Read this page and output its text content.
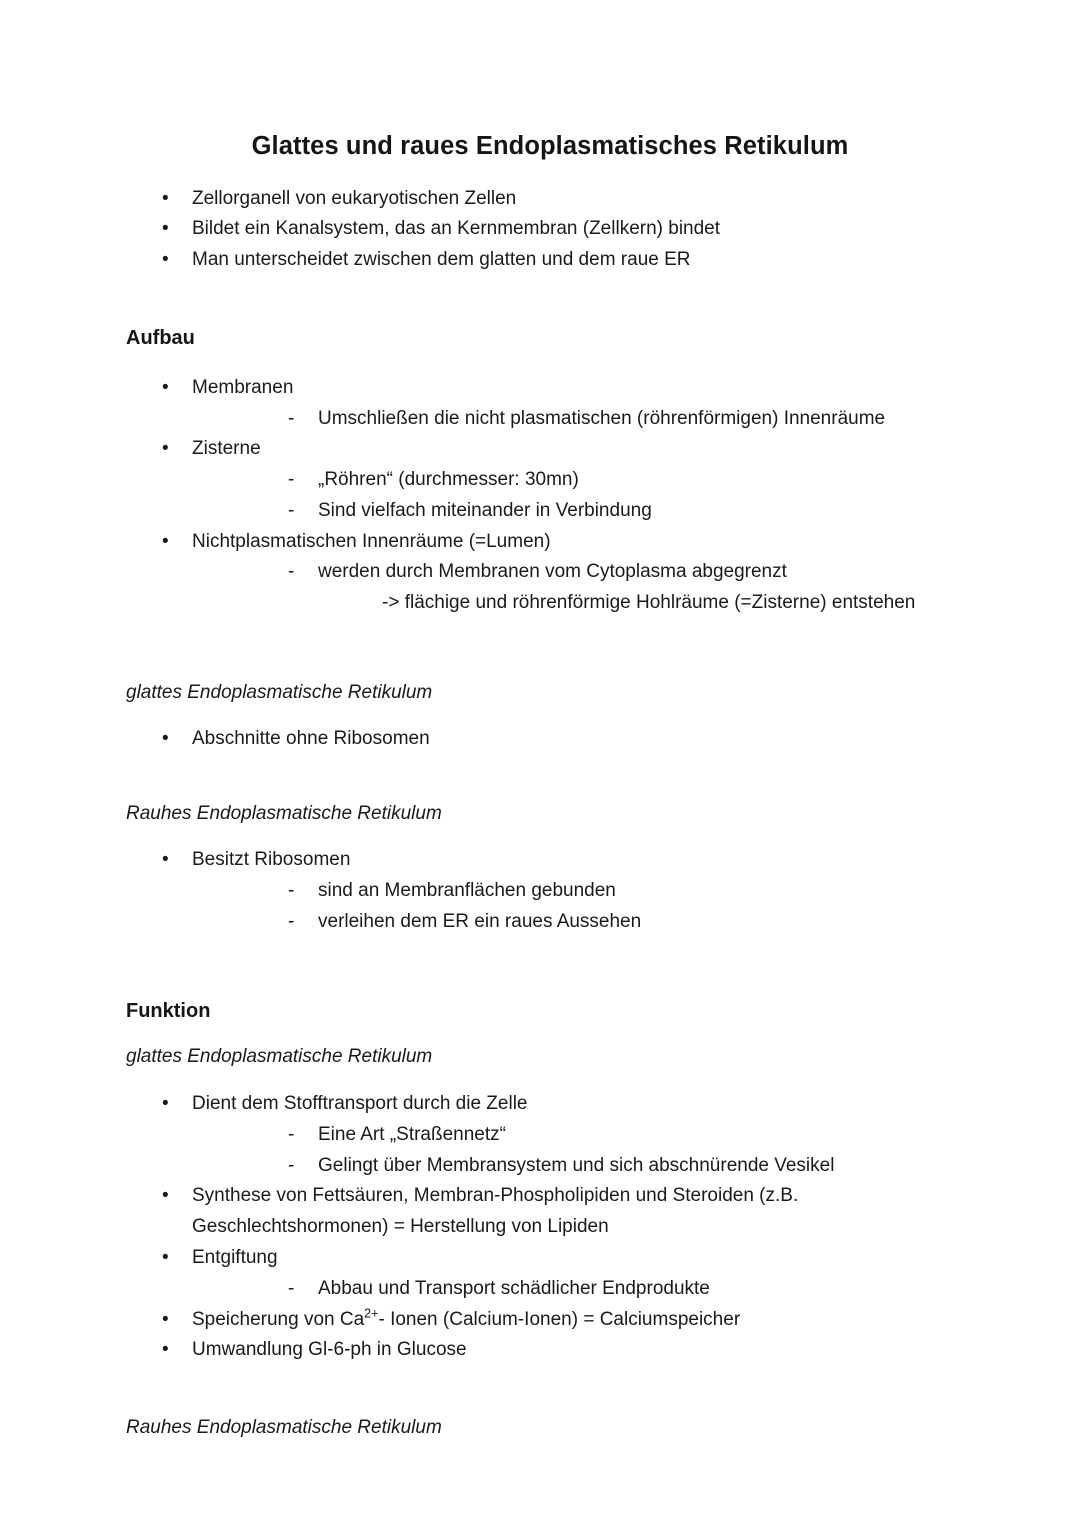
Glattes und raues Endoplasmatisches Retikulum
• Zellorganell von eukaryotischen Zellen
• Bildet ein Kanalsystem, das an Kernmembran (Zellkern) bindet
• Man unterscheidet zwischen dem glatten und dem raue ER
Aufbau
• Membranen
- Umschließen die nicht plasmatischen (röhrenförmigen) Innenräume
• Zisterne
- „Röhren“ (durchmesser: 30mn)
- Sind vielfach miteinander in Verbindung
• Nichtplasmatischen Innenräume (=Lumen)
- werden durch Membranen vom Cytoplasma abgegrenzt
-> flächige und röhrenförmige Hohlräume (=Zisterne) entstehen
glattes Endoplasmatische Retikulum
• Abschnitte ohne Ribosomen
Rauhes Endoplasmatische Retikulum
• Besitzt Ribosomen
- sind an Membranflächen gebunden
- verleihen dem ER ein raues Aussehen
Funktion
glattes Endoplasmatische Retikulum
• Dient dem Stofftransport durch die Zelle
- Eine Art „Straßennetz“
- Gelingt über Membransystem und sich abschnürende Vesikel
• Synthese von Fettsäuren, Membran-Phospholipiden und Steroiden (z.B. Geschlechtshormonen) = Herstellung von Lipiden
• Entgiftung
- Abbau und Transport schädlicher Endprodukte
• Speicherung von $Ca^{2+}-$ Ionen (Calcium-Ionen) = Calciumspeicher
• Umwandlung Gl-6-ph in Glucose
Rauhes Endoplasmatische Retikulum
